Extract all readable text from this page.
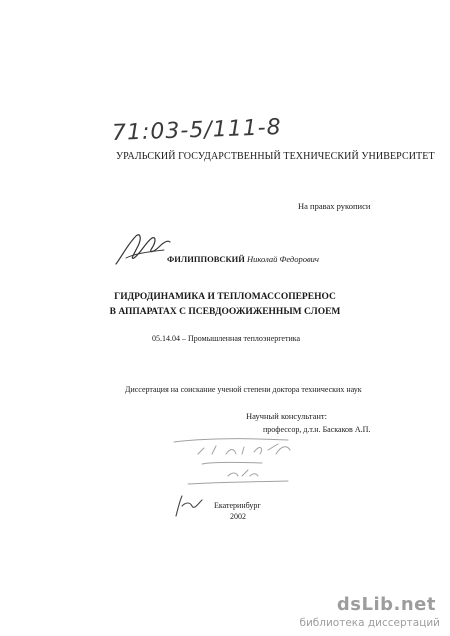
71:03-5/111-8
УРАЛЬСКИЙ ГОСУДАРСТВЕННЫЙ ТЕХНИЧЕСКИЙ УНИВЕРСИТЕТ
На правах рукописи
ФИЛИППОВСКИЙ Николай Федорович
ГИДРОДИНАМИКА И ТЕПЛОМАССОПЕРЕНОС
В АППАРАТАХ С ПСЕВДООЖИЖЕННЫМ СЛОЕМ
05.14.04 – Промышленная теплоэнергетика
Диссертация на соискание ученой степени доктора технических наук
Научный консультант:
профессор, д.т.н. Баскаков А.П.
Екатеринбург
2002
dsLib.net
библиотека диссертаций
